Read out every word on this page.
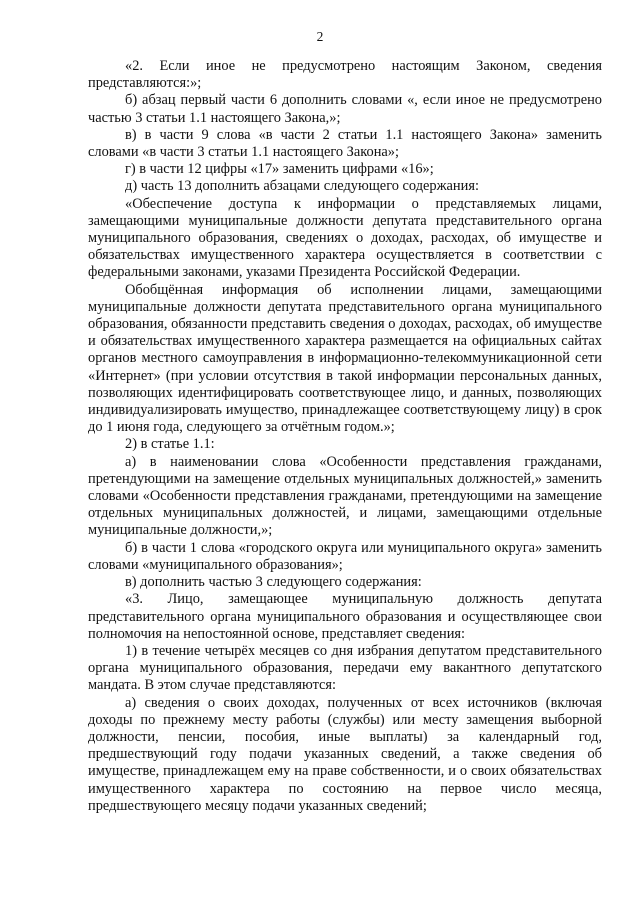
2

«2. Если иное не предусмотрено настоящим Законом, сведения представляются:»;

б) абзац первый части 6 дополнить словами «, если иное не предусмотрено частью 3 статьи 1.1 настоящего Закона,»;

в) в части 9 слова «в части 2 статьи 1.1 настоящего Закона» заменить словами «в части 3 статьи 1.1 настоящего Закона»;

г) в части 12 цифры «17» заменить цифрами «16»;

д) часть 13 дополнить абзацами следующего содержания:

«Обеспечение доступа к информации о представляемых лицами, замещающими муниципальные должности депутата представительного органа муниципального образования, сведениях о доходах, расходах, об имуществе и обязательствах имущественного характера осуществляется в соответствии с федеральными законами, указами Президента Российской Федерации.

Обобщённая информация об исполнении лицами, замещающими муниципальные должности депутата представительного органа муниципального образования, обязанности представить сведения о доходах, расходах, об имуществе и обязательствах имущественного характера размещается на официальных сайтах органов местного самоуправления в информационно-телекоммуникационной сети «Интернет» (при условии отсутствия в такой информации персональных данных, позволяющих идентифицировать соответствующее лицо, и данных, позволяющих индивидуализировать имущество, принадлежащее соответствующему лицу) в срок до 1 июня года, следующего за отчётным годом.»;

2) в статье 1.1:

а) в наименовании слова «Особенности представления гражданами, претендующими на замещение отдельных муниципальных должностей,» заменить словами «Особенности представления гражданами, претендующими на замещение отдельных муниципальных должностей, и лицами, замещающими отдельные муниципальные должности,»;

б) в части 1 слова «городского округа или муниципального округа» заменить словами «муниципального образования»;

в) дополнить частью 3 следующего содержания:

«3. Лицо, замещающее муниципальную должность депутата представительного органа муниципального образования и осуществляющее свои полномочия на непостоянной основе, представляет сведения:

1) в течение четырёх месяцев со дня избрания депутатом представительного органа муниципального образования, передачи ему вакантного депутатского мандата. В этом случае представляются:

а) сведения о своих доходах, полученных от всех источников (включая доходы по прежнему месту работы (службы) или месту замещения выборной должности, пенсии, пособия, иные выплаты) за календарный год, предшествующий году подачи указанных сведений, а также сведения об имуществе, принадлежащем ему на праве собственности, и о своих обязательствах имущественного характера по состоянию на первое число месяца, предшествующего месяцу подачи указанных сведений;
